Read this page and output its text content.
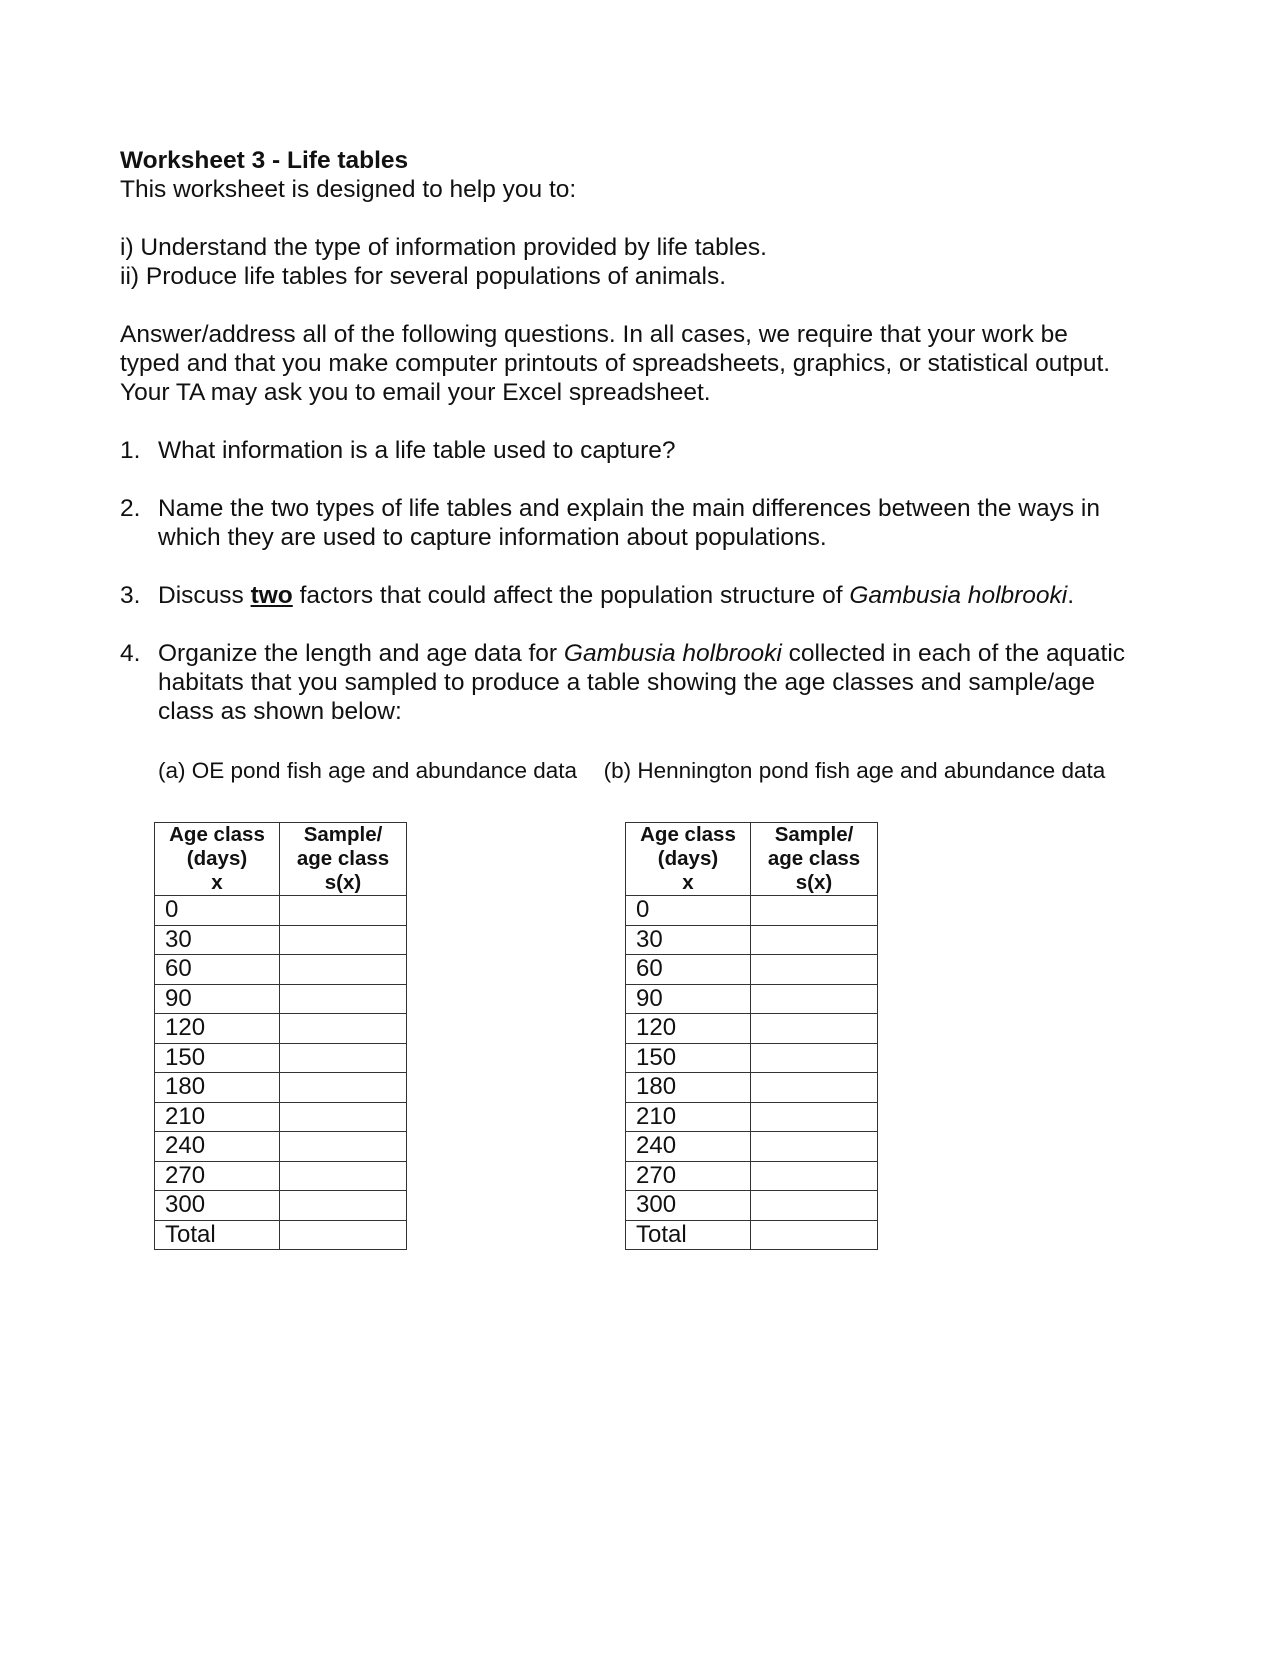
Worksheet 3 - Life tables

This worksheet is designed to help you to:

i) Understand the type of information provided by life tables.

ii) Produce life tables for several populations of animals.

Answer/address all of the following questions. In all cases, we require that your work be

typed and that you make computer printouts of spreadsheets, graphics, or statistical output.

Your TA may ask you to email your Excel spreadsheet.

1. What information is a life table used to capture?
2. Name the two types of life tables and explain the main differences between the ways in
which they are used to capture information about populations.
3. Discuss two factors that could affect the population structure of Gambusia holbrooki.
4. Organize the length and age data for Gambusia holbrooki collected in each of the aquatic
habitats that you sampled to produce a table showing the age classes and sample/age
class as shown below:
(a) OE pond fish age and abundance data (b) Hennington pond fish age and abundance data
Age class
(days)
x	Sample/
age class
s(x)
0	
30	
60	
90	
120	
150	
180	
210	
240	
270	
300	
Total	
Age class
(days)
x	Sample/
age class
s(x)
0	
30	
60	
90	
120	
150	
180	
210	
240	
270	
300	
Total	
